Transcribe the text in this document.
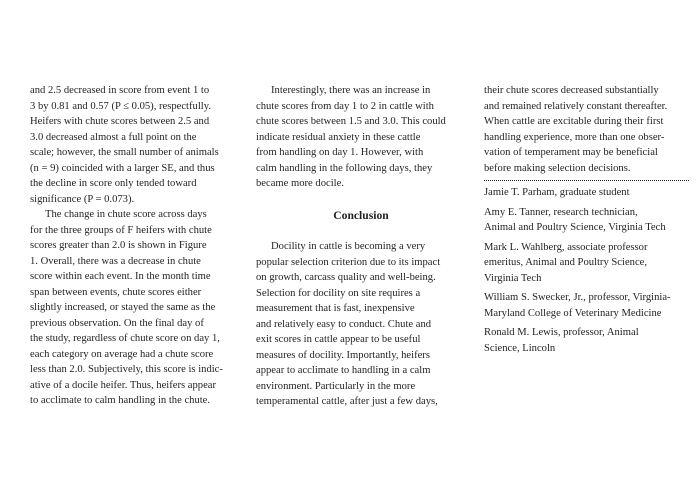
and 2.5 decreased in score from event 1 to

3 by 0.81 and 0.57 (P ≤ 0.05), respectfully.

Heifers with chute scores between 2.5 and

3.0 decreased almost a full point on the

scale; however, the small number of animals

(n = 9) coincided with a larger SE, and thus

the decline in score only tended toward

significance (P = 0.073).

The change in chute score across days

for the three groups of F heifers with chute

scores greater than 2.0 is shown in Figure

1. Overall, there was a decrease in chute

score within each event. In the month time

span between events, chute scores either

slightly increased, or stayed the same as the

previous observation. On the final day of

the study, regardless of chute score on day 1,

each category on average had a chute score

less than 2.0. Subjectively, this score is indic-

ative of a docile heifer. Thus, heifers appear

to acclimate to calm handling in the chute.

Interestingly, there was an increase in

chute scores from day 1 to 2 in cattle with

chute scores between 1.5 and 3.0. This could

indicate residual anxiety in these cattle

from handling on day 1. However, with

calm handling in the following days, they

became more docile.

Conclusion

Docility in cattle is becoming a very

popular selection criterion due to its impact

on growth, carcass quality and well-being.

Selection for docility on site requires a

measurement that is fast, inexpensive

and relatively easy to conduct. Chute and

exit scores in cattle appear to be useful

measures of docility. Importantly, heifers

appear to acclimate to handling in a calm

environment. Particularly in the more

temperamental cattle, after just a few days,

their chute scores decreased substantially

and remained relatively constant thereafter.

When cattle are excitable during their first

handling experience, more than one obser-

vation of temperament may be beneficial

before making selection decisions.

Jamie T. Parham, graduate student

Amy E. Tanner, research technician,

Animal and Poultry Science, Virginia Tech

Mark L. Wahlberg, associate professor

emeritus, Animal and Poultry Science,

Virginia Tech

William S. Swecker, Jr., professor, Virginia-

Maryland College of Veterinary Medicine

Ronald M. Lewis, professor, Animal

Science, Lincoln
